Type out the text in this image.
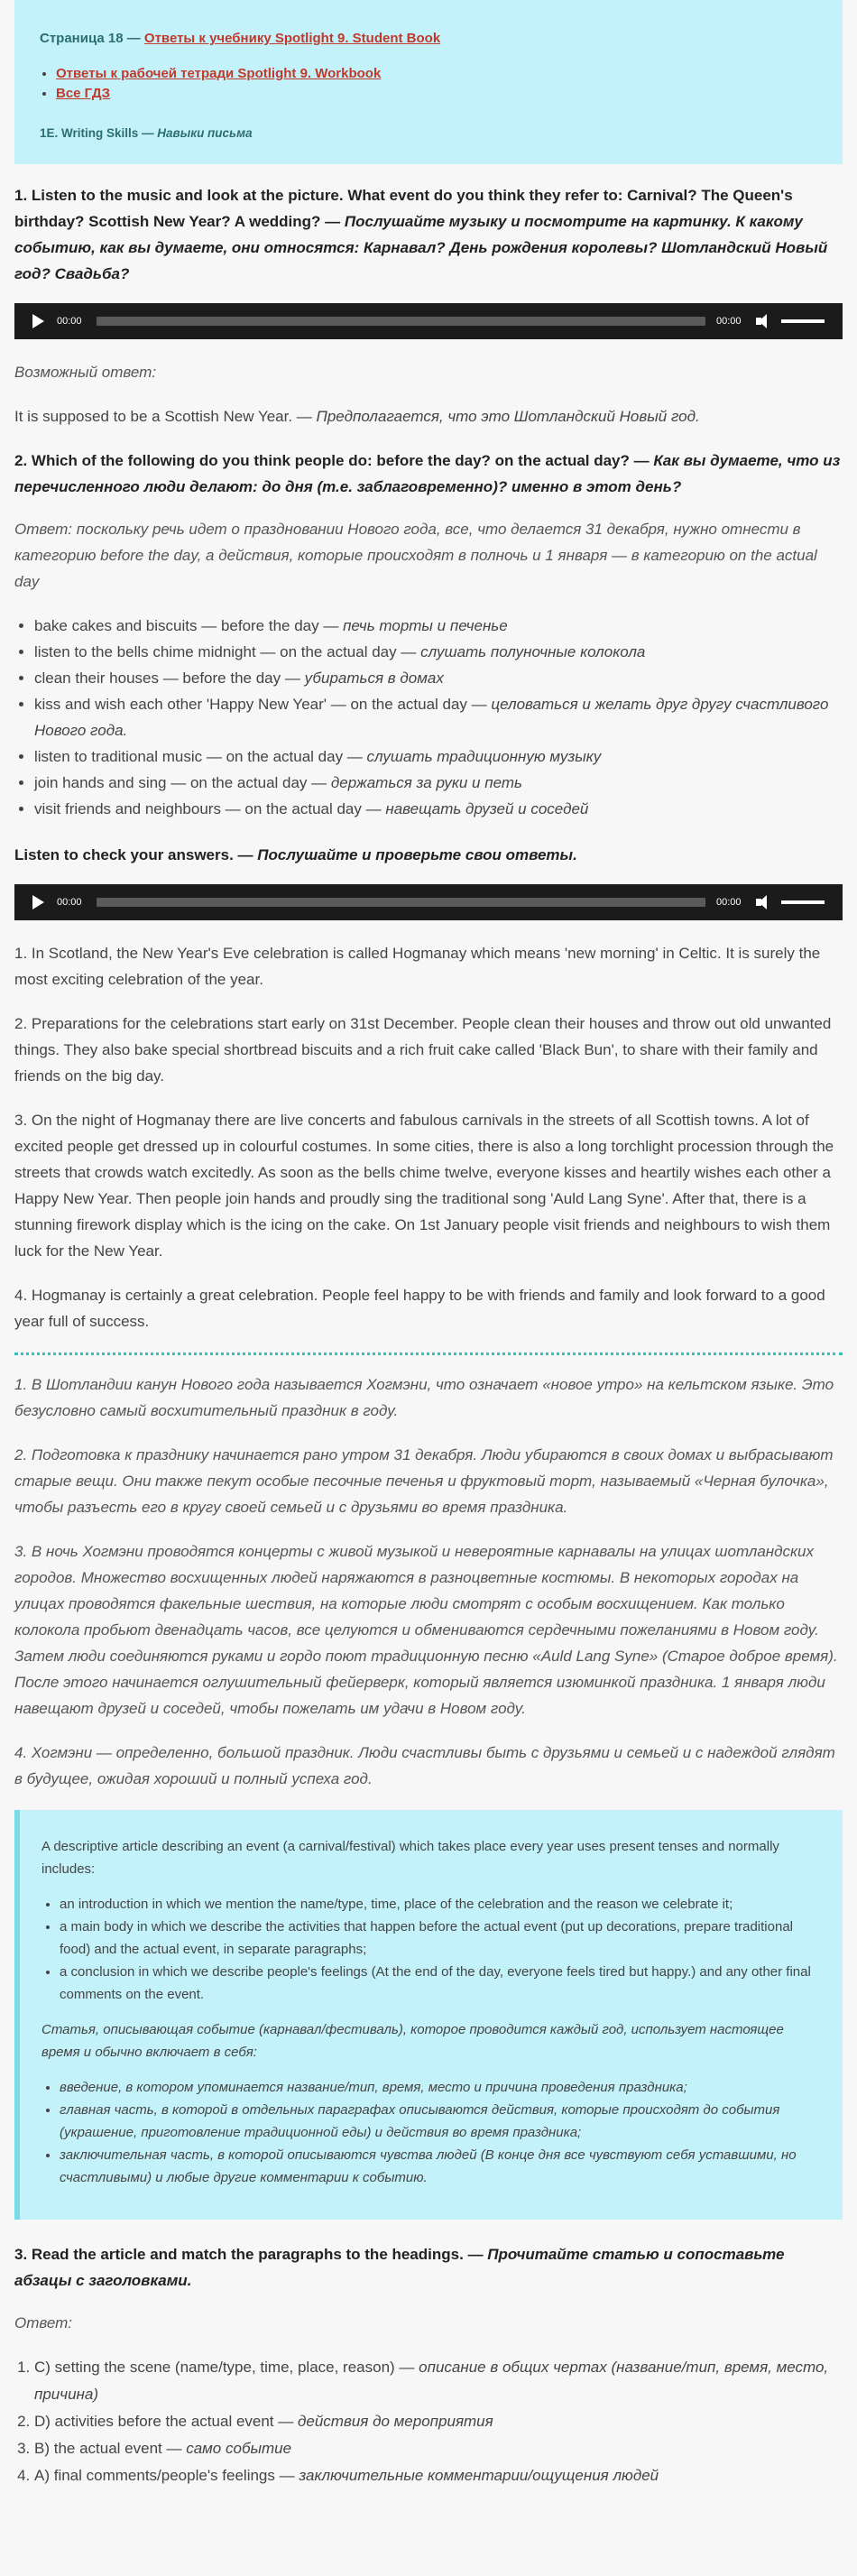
Страница 18 — Ответы к учебнику Spotlight 9. Student Book
• Ответы к рабочей тетради Spotlight 9. Workbook
• Все ГДЗ
1E. Writing Skills — Навыки письма
1. Listen to the music and look at the picture. What event do you think they refer to: Carnival? The Queen's birthday? Scottish New Year? A wedding? — Послушайте музыку и посмотрите на картинку. К какому событию, как вы думаете, они относятся: Карнавал? День рождения королевы? Шотландский Новый год? Свадьба?
00:00	00:00
Возможный ответ:
It is supposed to be a Scottish New Year. — Предполагается, что это Шотландский Новый год.
2. Which of the following do you think people do: before the day? on the actual day? — Как вы думаете, что из перечисленного люди делают: до дня (т.е. заблаговременно)? именно в этот день?
Ответ: поскольку речь идет о праздновании Нового года, все, что делается 31 декабря, нужно отнести в категорию before the day, а действия, которые происходят в полночь и 1 января — в категорию on the actual day
• bake cakes and biscuits — before the day — печь торты и печенье
• listen to the bells chime midnight — on the actual day — слушать полуночные колокола
• clean their houses — before the day — убираться в домах
• kiss and wish each other 'Happy New Year' — on the actual day — целоваться и желать друг другу счастливого Нового года.
• listen to traditional music — on the actual day — слушать традиционную музыку
• join hands and sing — on the actual day — держаться за руки и петь
• visit friends and neighbours — on the actual day — навещать друзей и соседей
Listen to check your answers. — Послушайте и проверьте свои ответы.
00:00	00:00
1. In Scotland, the New Year's Eve celebration is called Hogmanay which means 'new morning' in Celtic. It is surely the most exciting celebration of the year.
2. Preparations for the celebrations start early on 31st December. People clean their houses and throw out old unwanted things. They also bake special shortbread biscuits and a rich fruit cake called 'Black Bun', to share with their family and friends on the big day.
3. On the night of Hogmanay there are live concerts and fabulous carnivals in the streets of all Scottish towns. A lot of excited people get dressed up in colourful costumes. In some cities, there is also a long torchlight procession through the streets that crowds watch excitedly. As soon as the bells chime twelve, everyone kisses and heartily wishes each other a Happy New Year. Then people join hands and proudly sing the traditional song 'Auld Lang Syne'. After that, there is a stunning firework display which is the icing on the cake. On 1st January people visit friends and neighbours to wish them luck for the New Year.
4. Hogmanay is certainly a great celebration. People feel happy to be with friends and family and look forward to a good year full of success.
1. В Шотландии канун Нового года называется Хогмэни, что означает «новое утро» на кельтском языке. Это безусловно самый восхитительный праздник в году.
2. Подготовка к празднику начинается рано утром 31 декабря. Люди убираются в своих домах и выбрасывают старые вещи. Они также пекут особые песочные печенья и фруктовый торт, называемый «Черная булочка», чтобы разъесть его в кругу своей семьей и с друзьями во время праздника.
3. В ночь Хогмэни проводятся концерты с живой музыкой и невероятные карнавалы на улицах шотландских городов. Множество восхищенных людей наряжаются в разноцветные костюмы. В некоторых городах на улицах проводятся факельные шествия, на которые люди смотрят с особым восхищением. Как только колокола пробьют двенадцать часов, все целуются и обмениваются сердечными пожеланиями в Новом году. Затем люди соединяются руками и гордо поют традиционную песню «Auld Lang Syne» (Старое доброе время). После этого начинается оглушительный фейерверк, который является изюминкой праздника. 1 января люди навещают друзей и соседей, чтобы пожелать им удачи в Новом году.
4. Хогмэни — определенно, большой праздник. Люди счастливы быть с друзьями и семьей и с надеждой глядят в будущее, ожидая хороший и полный успеха год.

A descriptive article describing an event (a carnival/festival) which takes place every year uses present tenses and normally includes:

• an introduction in which we mention the name/type, time, place of the celebration and the reason we celebrate it;
• a main body in which we describe the activities that happen before the actual event (put up decorations, prepare traditional food) and the actual event, in separate paragraphs;
• a conclusion in which we describe people's feelings (At the end of the day, everyone feels tired but happy.) and any other final comments on the event.

Статья, описывающая событие (карнавал/фестиваль), которое проводится каждый год, использует настоящее время и обычно включает в себя:

• введение, в котором упоминается название/тип, время, место и причина проведения праздника;
• главная часть, в которой в отдельных параграфах описываются действия, которые происходят до события (украшение, приготовление традиционной еды) и действия во время праздника;
• заключительная часть, в которой описываются чувства людей (В конце дня все чувствуют себя уставшими, но счастливыми) и любые другие комментарии к событию.
3. Read the article and match the paragraphs to the headings. — Прочитайте статью и сопоставьте абзацы с заголовками.
Ответ:
1. C) setting the scene (name/type, time, place, reason) — описание в общих чертах (название/тип, время, место, причина)
2. D) activities before the actual event — действия до мероприятия
3. B) the actual event — само событие
4. A) final comments/people's feelings — заключительные комментарии/ощущения людей
